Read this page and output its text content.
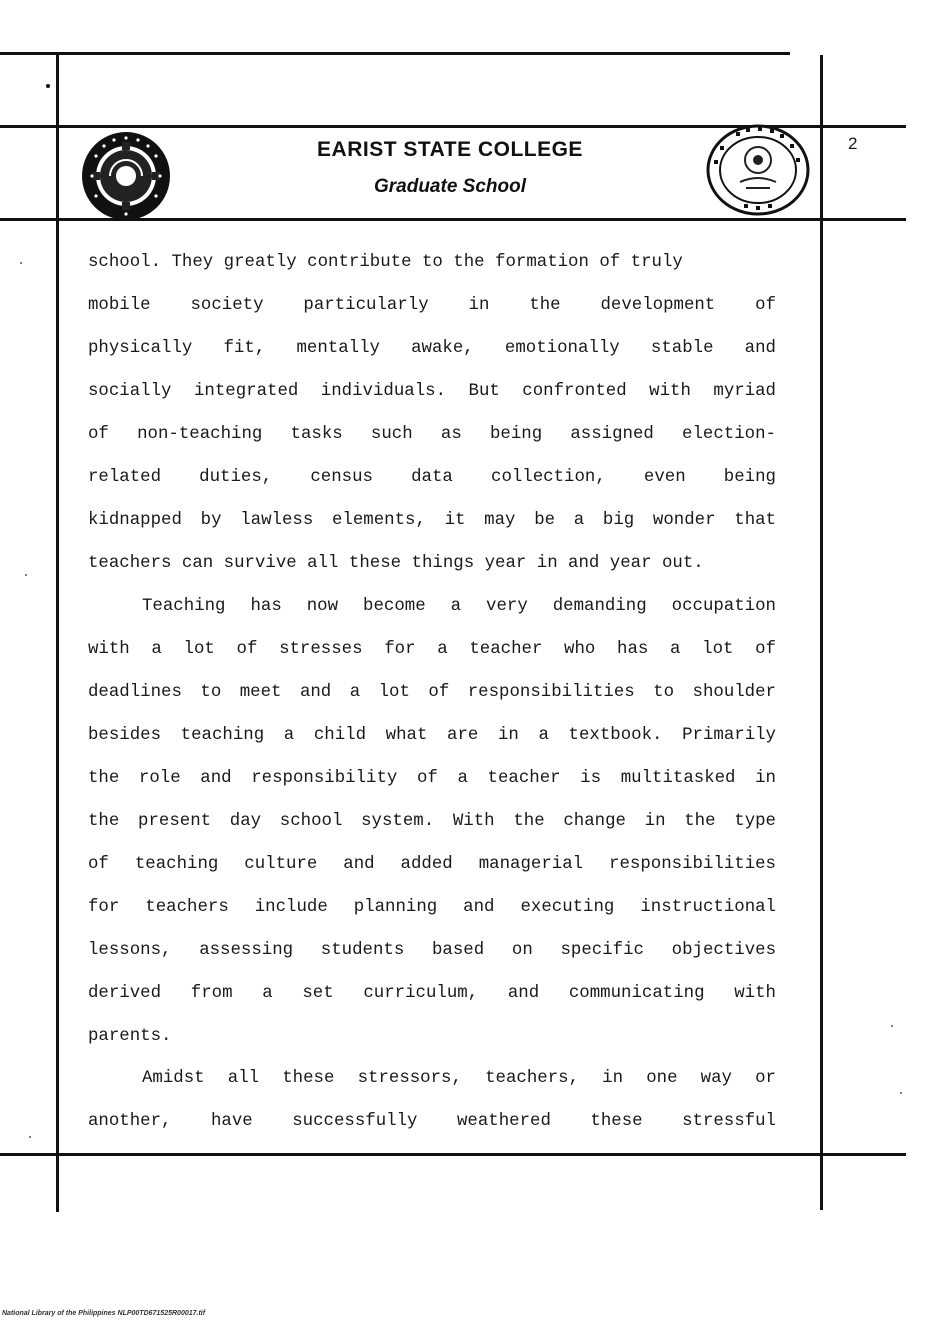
EARIST STATE COLLEGE
Graduate School
2
school. They greatly contribute to the formation of truly
mobile society particularly in the development of
physically fit, mentally awake, emotionally stable and
socially integrated individuals. But confronted with myriad
of non-teaching tasks such as being assigned election-
related duties, census data collection, even being
kidnapped by lawless elements, it may be a big wonder that
teachers can survive all these things year in and year out.
Teaching has now become a very demanding occupation
with a lot of stresses for a teacher who has a lot of
deadlines to meet and a lot of responsibilities to shoulder
besides teaching a child what are in a textbook. Primarily
the role and responsibility of a teacher is multitasked in
the present day school system. With the change in the type
of teaching culture and added managerial responsibilities
for teachers include planning and executing instructional
lessons, assessing students based on specific objectives
derived from a set curriculum, and communicating with
parents.
Amidst all these stressors, teachers, in one way or
another, have successfully weathered these stressful
National Library of the Philippines NLP00TD671525R00017.tif
